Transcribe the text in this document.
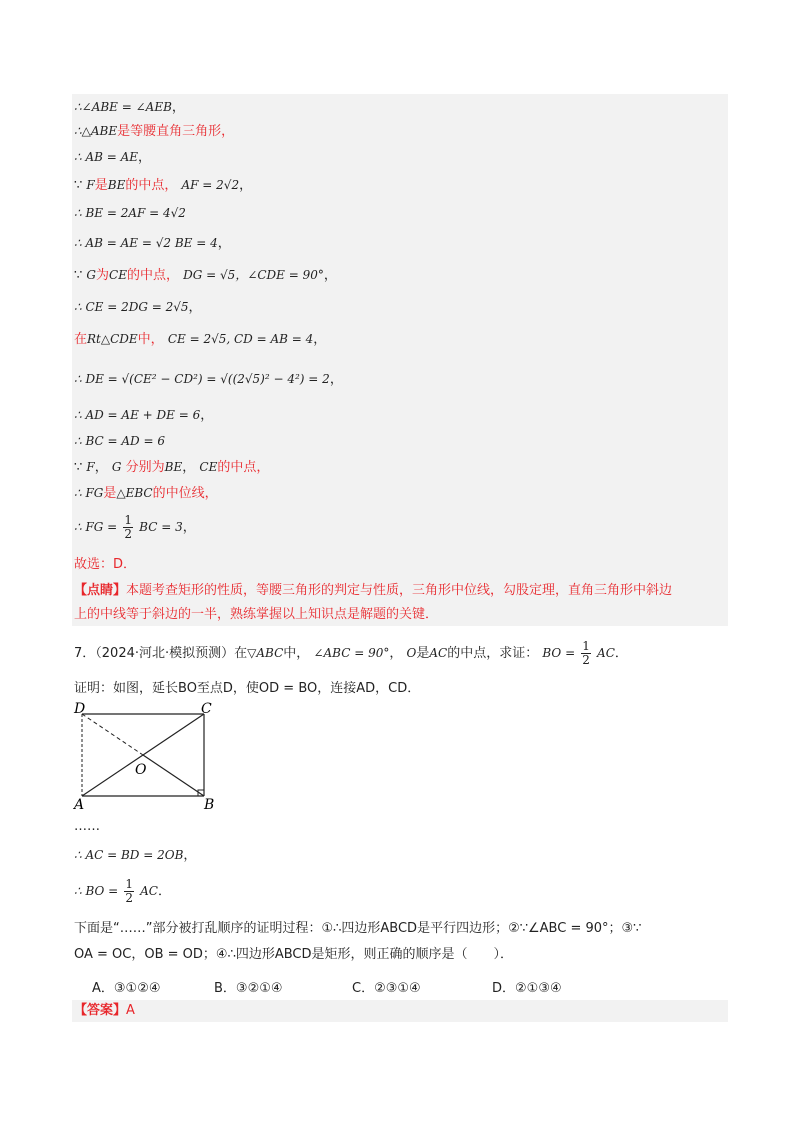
∴∠ABE = ∠AEB，
∴△ABE是等腰直角三角形，
∴ AB = AE，
∵ F是BE的中点， AF = 2√2，
∴ BE = 2AF = 4√2
∴ AB = AE = √2 BE = 4，
∵ G为CE的中点， DG = √5，∠CDE = 90°，
∴ CE = 2DG = 2√5，
在Rt△CDE中， CE = 2√5, CD = AB = 4，
∴ DE = √(CE² − CD²) = √((2√5)² − 4²) = 2，
∴ AD = AE + DE = 6，
∴ BC = AD = 6
∵ F， G 分别为BE， CE的中点，
∴ FG是△EBC的中位线，
∴ FG = $\frac{1}{2}$ BC = 3，
故选：D．
【点睛】本题考查矩形的性质，等腰三角形的判定与性质，三角形中位线，勾股定理，直角三角形中斜边
上的中线等于斜边的一半，熟练掌握以上知识点是解题的关键．
7．（2024·河北·模拟预测）在▽ABC中， ∠ABC = 90°， O是AC的中点，求证： BO = $\frac{1}{2}$ AC．
证明：如图，延长BO至点D，使OD = BO，连接AD，CD．
D	C
O
A	B
……
∴ AC = BD = 2OB，
∴ BO = $\frac{1}{2}$ AC．
下面是“……”部分被打乱顺序的证明过程：①∴四边形ABCD是平行四边形；②∵∠ABC = 90°；③∵
OA = OC，OB = OD；④∴四边形ABCD是矩形，则正确的顺序是（　　）．
A．③①②④	B．③②①④	C．②③①④	D．②①③④
【答案】A
